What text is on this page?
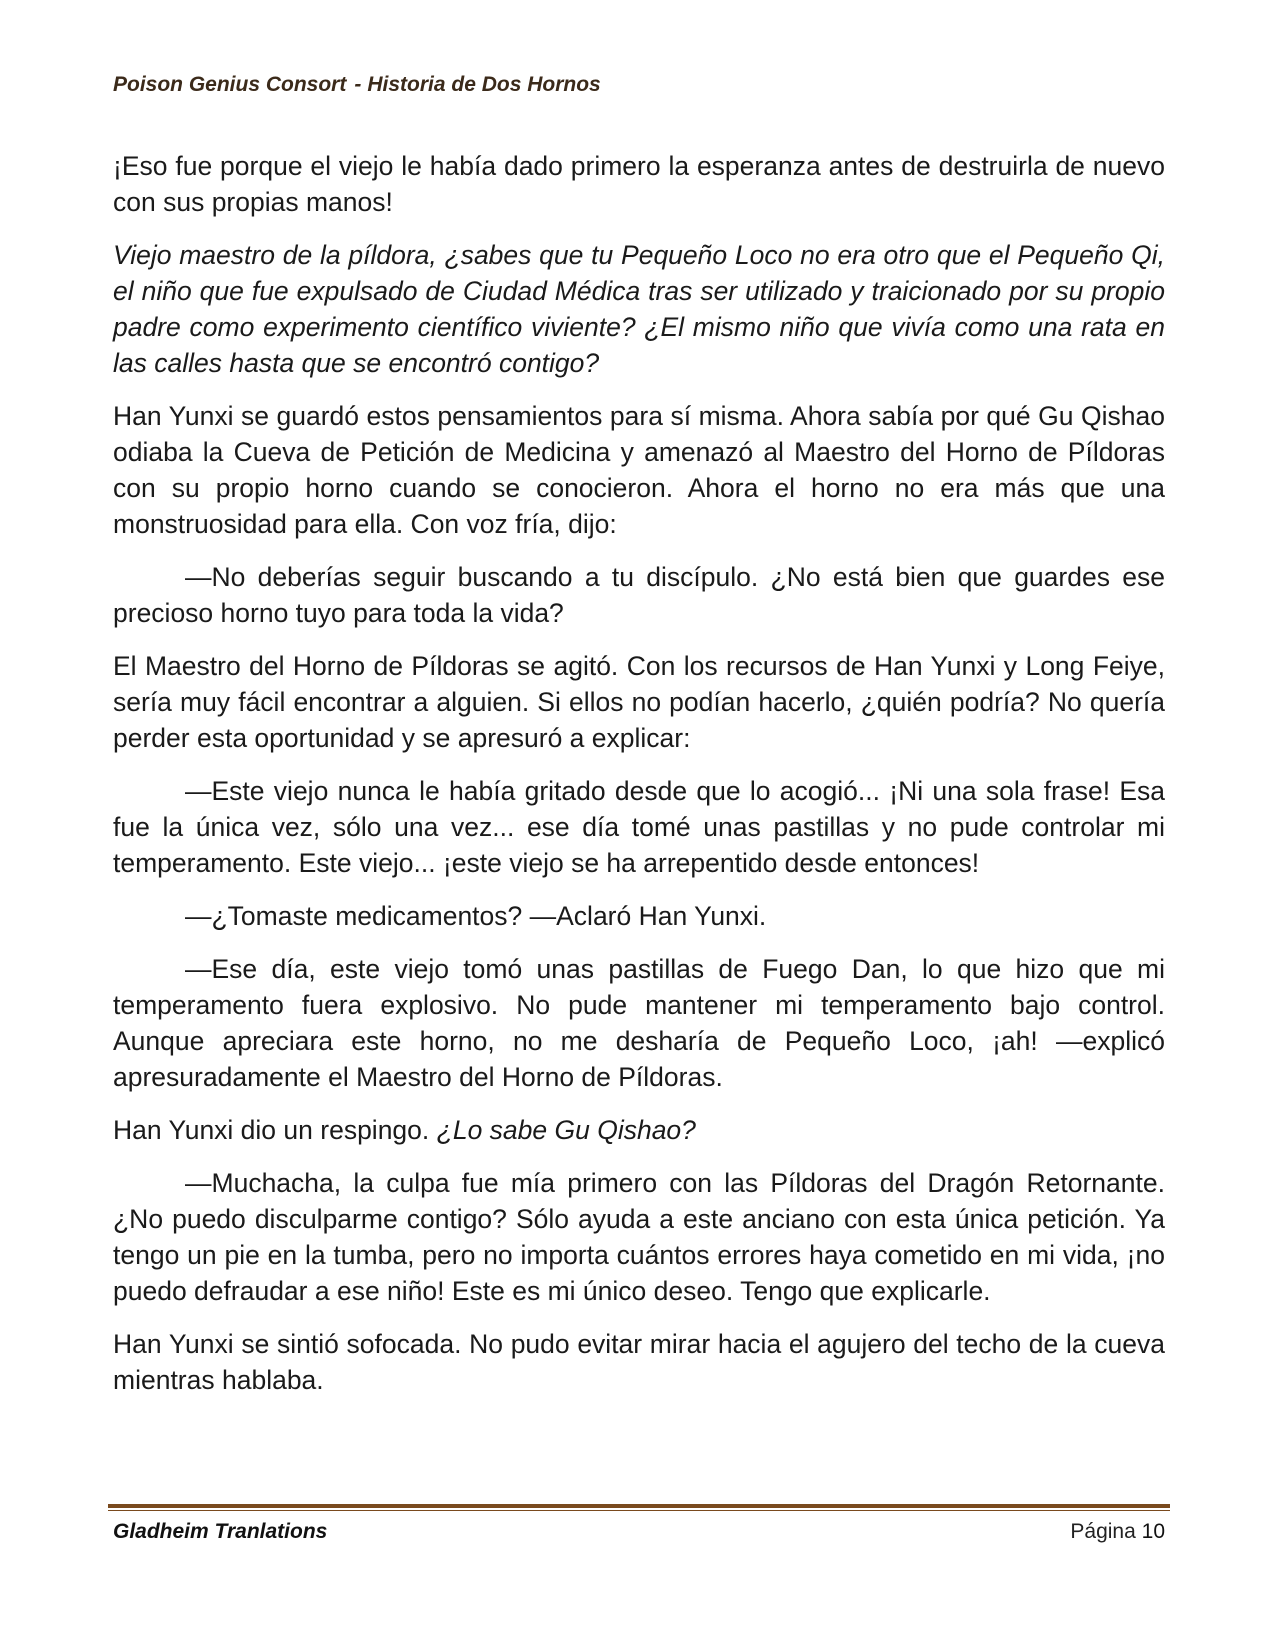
Poison Genius Consort - Historia de Dos Hornos

¡Eso fue porque el viejo le había dado primero la esperanza antes de destruirla de nuevo con sus propias manos!

Viejo maestro de la píldora, ¿sabes que tu Pequeño Loco no era otro que el Pequeño Qi, el niño que fue expulsado de Ciudad Médica tras ser utilizado y traicionado por su propio padre como experimento científico viviente? ¿El mismo niño que vivía como una rata en las calles hasta que se encontró contigo?

Han Yunxi se guardó estos pensamientos para sí misma. Ahora sabía por qué Gu Qishao odiaba la Cueva de Petición de Medicina y amenazó al Maestro del Horno de Píldoras con su propio horno cuando se conocieron. Ahora el horno no era más que una monstruosidad para ella. Con voz fría, dijo:

—No deberías seguir buscando a tu discípulo. ¿No está bien que guardes ese precioso horno tuyo para toda la vida?

El Maestro del Horno de Píldoras se agitó. Con los recursos de Han Yunxi y Long Feiye, sería muy fácil encontrar a alguien. Si ellos no podían hacerlo, ¿quién podría? No quería perder esta oportunidad y se apresuró a explicar:

—Este viejo nunca le había gritado desde que lo acogió... ¡Ni una sola frase! Esa fue la única vez, sólo una vez... ese día tomé unas pastillas y no pude controlar mi temperamento. Este viejo... ¡este viejo se ha arrepentido desde entonces!

—¿Tomaste medicamentos? —Aclaró Han Yunxi.

—Ese día, este viejo tomó unas pastillas de Fuego Dan, lo que hizo que mi temperamento fuera explosivo. No pude mantener mi temperamento bajo control. Aunque apreciara este horno, no me desharía de Pequeño Loco, ¡ah! —explicó apresuradamente el Maestro del Horno de Píldoras.

Han Yunxi dio un respingo. ¿Lo sabe Gu Qishao?

—Muchacha, la culpa fue mía primero con las Píldoras del Dragón Retornante. ¿No puedo disculparme contigo? Sólo ayuda a este anciano con esta única petición. Ya tengo un pie en la tumba, pero no importa cuántos errores haya cometido en mi vida, ¡no puedo defraudar a ese niño! Este es mi único deseo. Tengo que explicarle.

Han Yunxi se sintió sofocada. No pudo evitar mirar hacia el agujero del techo de la cueva mientras hablaba.

Gladheim Tranlations	Página 10
